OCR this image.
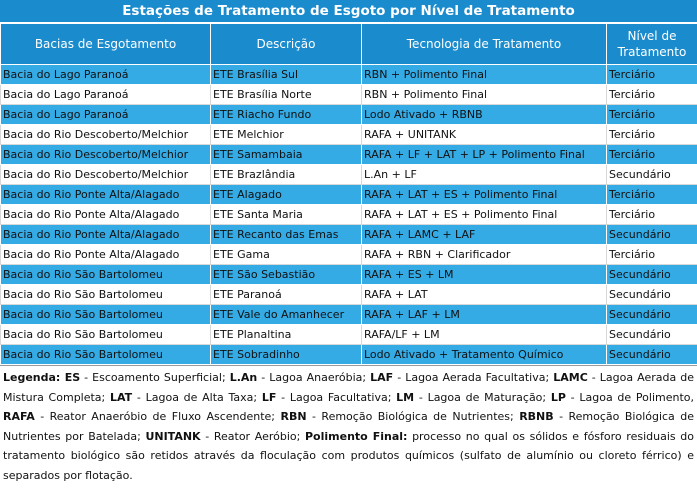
Estações de Tratamento de Esgoto por Nível de Tratamento
Bacias de Esgotamento	Descrição	Tecnologia de Tratamento	Nível de Tratamento
Bacia do Lago Paranoá	ETE Brasília Sul	RBN + Polimento Final	Terciário
Bacia do Lago Paranoá	ETE Brasília Norte	RBN + Polimento Final	Terciário
Bacia do Lago Paranoá	ETE Riacho Fundo	Lodo Ativado + RBNB	Terciário
Bacia do Rio Descoberto/Melchior	ETE Melchior	RAFA + UNITANK	Terciário
Bacia do Rio Descoberto/Melchior	ETE Samambaia	RAFA + LF + LAT + LP + Polimento Final	Terciário
Bacia do Rio Descoberto/Melchior	ETE Brazlândia	L.An + LF	Secundário
Bacia do Rio Ponte Alta/Alagado	ETE Alagado	RAFA + LAT + ES + Polimento Final	Terciário
Bacia do Rio Ponte Alta/Alagado	ETE Santa Maria	RAFA + LAT + ES + Polimento Final	Terciário
Bacia do Rio Ponte Alta/Alagado	ETE Recanto das Emas	RAFA + LAMC + LAF	Secundário
Bacia do Rio Ponte Alta/Alagado	ETE Gama	RAFA + RBN + Clarificador	Terciário
Bacia do Rio São Bartolomeu	ETE São Sebastião	RAFA + ES + LM	Secundário
Bacia do Rio São Bartolomeu	ETE Paranoá	RAFA + LAT	Secundário
Bacia do Rio São Bartolomeu	ETE Vale do Amanhecer	RAFA + LAF + LM	Secundário
Bacia do Rio São Bartolomeu	ETE Planaltina	RAFA/LF + LM	Secundário
Bacia do Rio São Bartolomeu	ETE Sobradinho	Lodo Ativado + Tratamento Químico	Secundário
Legenda: ES - Escoamento Superficial; L.An - Lagoa Anaeróbia; LAF - Lagoa Aerada Facultativa; LAMC - Lagoa Aerada de Mistura Completa; LAT - Lagoa de Alta Taxa; LF - Lagoa Facultativa; LM - Lagoa de Maturação; LP - Lagoa de Polimento, RAFA - Reator Anaeróbio de Fluxo Ascendente; RBN - Remoção Biológica de Nutrientes; RBNB - Remoção Biológica de Nutrientes por Batelada; UNITANK - Reator Aeróbio; Polimento Final: processo no qual os sólidos e fósforo residuais do tratamento biológico são retidos através da floculação com produtos químicos (sulfato de alumínio ou cloreto férrico) e separados por flotação.
